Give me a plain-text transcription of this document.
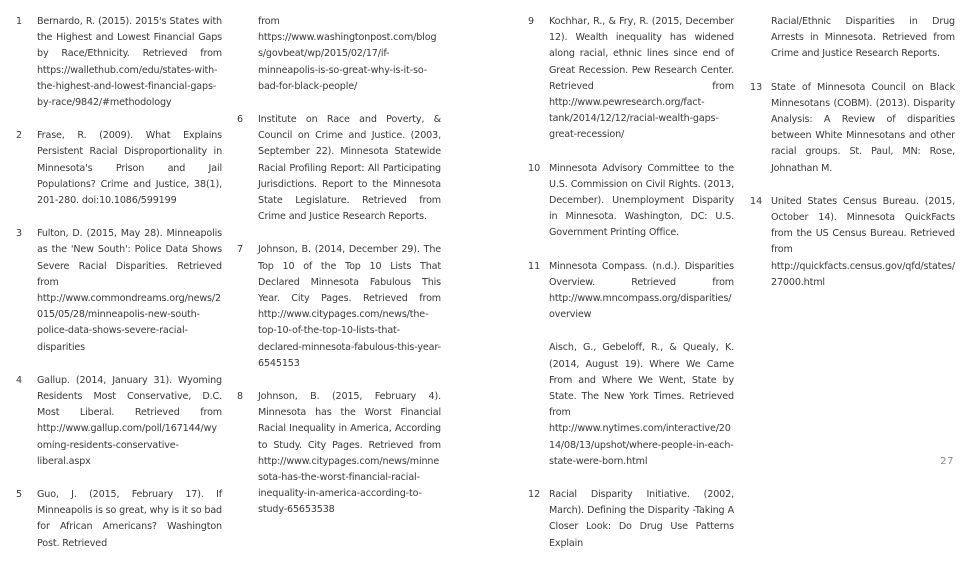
1	Bernardo, R. (2015). 2015's States with the Highest and Lowest Financial Gaps by Race/Ethnicity. Retrieved from https://wallethub.com/edu/states-with-the-highest-and-lowest-financial-gaps-by-race/9842/#methodology
2	Frase, R. (2009). What Explains Persistent Racial Disproportionality in Minnesota's Prison and Jail Populations? Crime and Justice, 38(1), 201-280. doi:10.1086/599199
3	Fulton, D. (2015, May 28). Minneapolis as the 'New South': Police Data Shows Severe Racial Disparities. Retrieved from http://www.commondreams.org/news/2015/05/28/minneapolis-new-south-police-data-shows-severe-racial-disparities
4	Gallup. (2014, January 31). Wyoming Residents Most Conservative, D.C. Most Liberal. Retrieved from http://www.gallup.com/poll/167144/wyoming-residents-conservative-liberal.aspx
5	Guo, J. (2015, February 17). If Minneapolis is so great, why is it so bad for African Americans? Washington Post. Retrieved
from https://www.washingtonpost.com/blogs/govbeat/wp/2015/02/17/if-minneapolis-is-so-great-why-is-it-so-bad-for-black-people/
6	Institute on Race and Poverty, & Council on Crime and Justice. (2003, September 22). Minnesota Statewide Racial Profiling Report: All Participating Jurisdictions. Report to the Minnesota State Legislature. Retrieved from Crime and Justice Research Reports.
7	Johnson, B. (2014, December 29). The Top 10 of the Top 10 Lists That Declared Minnesota Fabulous This Year. City Pages. Retrieved from http://www.citypages.com/news/the-top-10-of-the-top-10-lists-that-declared-minnesota-fabulous-this-year-6545153
8	Johnson, B. (2015, February 4). Minnesota has the Worst Financial Racial Inequality in America, According to Study. City Pages. Retrieved from http://www.citypages.com/news/minnesota-has-the-worst-financial-racial-inequality-in-america-according-to-study-65653538
9	Kochhar, R., & Fry, R. (2015, December 12). Wealth inequality has widened along racial, ethnic lines since end of Great Recession. Pew Research Center. Retrieved from http://www.pewresearch.org/fact-tank/2014/12/12/racial-wealth-gaps-great-recession/
10 Minnesota Advisory Committee to the U.S. Commission on Civil Rights. (2013, December). Unemployment Disparity in Minnesota. Washington, DC: U.S. Government Printing Office.
11 Minnesota Compass. (n.d.). Disparities Overview. Retrieved from http://www.mncompass.org/disparities/overview
Aisch, G., Gebeloff, R., & Quealy, K. (2014, August 19). Where We Came From and Where We Went, State by State. The New York Times. Retrieved from http://www.nytimes.com/interactive/2014/08/13/upshot/where-people-in-each-state-were-born.html
12 Racial Disparity Initiative. (2002, March). Defining the Disparity -Taking A Closer Look: Do Drug Use Patterns Explain
Racial/Ethnic Disparities in Drug Arrests in Minnesota. Retrieved from Crime and Justice Research Reports.
13 State of Minnesota Council on Black Minnesotans (COBM). (2013). Disparity Analysis: A Review of disparities between White Minnesotans and other racial groups. St. Paul, MN: Rose, Johnathan M.
14 United States Census Bureau. (2015, October 14). Minnesota QuickFacts from the US Census Bureau. Retrieved from http://quickfacts.census.gov/qfd/states/27000.html
27
